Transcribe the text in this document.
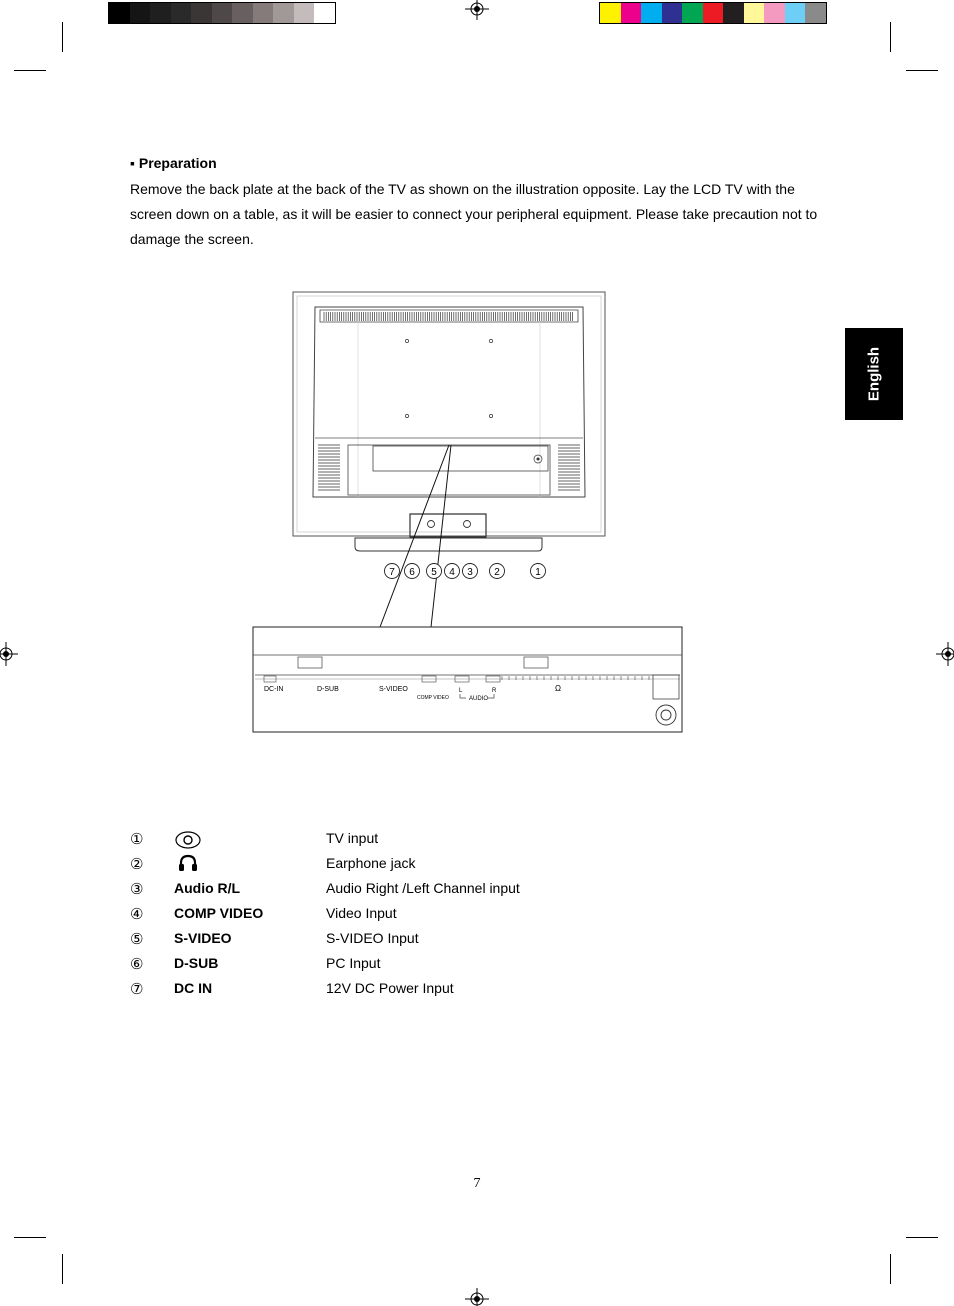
English
▪ Preparation
Remove the back plate at the back of the TV as shown on the illustration opposite. Lay the LCD TV with the screen down on a table, as it will be easier to connect your peripheral equipment. Please take precaution not to damage the screen.
7 6 5 4 3 2	1
DC-IN	D-SUB	S-VIDEO
COMP VIDEO
L	R
AUDIO
Ω
①	TV input
②	Earphone jack
③ Audio R/L	Audio Right /Left Channel input
④ COMP VIDEO	Video Input
⑤ S-VIDEO	S-VIDEO Input
⑥ D-SUB	PC Input
⑦ DC IN	12V DC Power Input
7
